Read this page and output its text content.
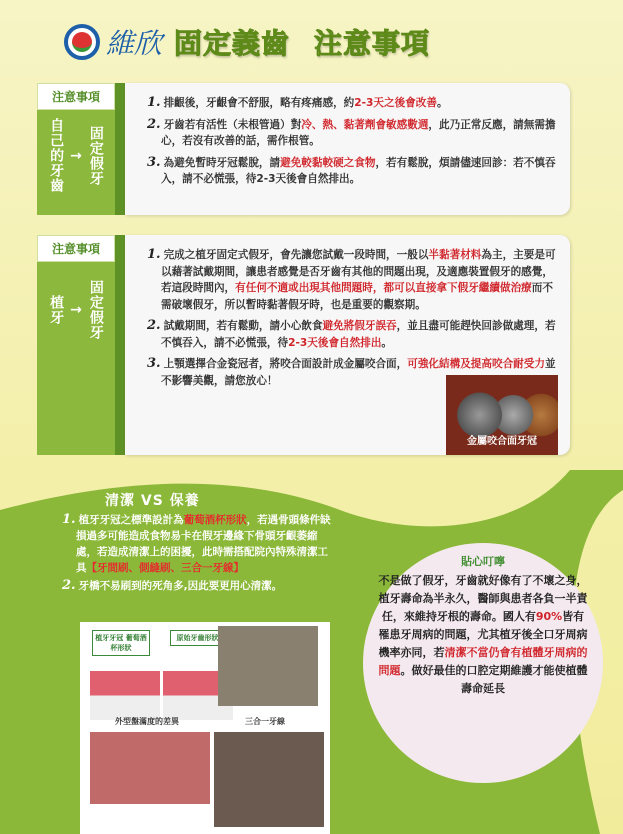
維欣 固定義齒 注意事項
注意事項
自己的牙齒 → 固定假牙
1. 排齦後，牙齦會不舒服，略有疼痛感，約2-3天之後會改善。
2. 牙齒若有活性（未根管過）對冷、熱、黏著劑會敏感數週，此乃正常反應，請無需擔心，若沒有改善的話，需作根管。
3. 為避免暫時牙冠鬆脫，請避免較黏較硬之食物，若有鬆脫，煩請儘速回診：若不慎吞入，請不必慌張，待2-3天後會自然排出。
注意事項
植牙 → 固定假牙
1. 完成之植牙固定式假牙，會先讓您試戴一段時間，一般以半黏著材料為主，主要是可以藉著試戴期間，讓患者感覺是否牙齒有其他的問題出現，及適應裝置假牙的感覺，若這段時間內，有任何不適或出現其他問題時，都可以直接拿下假牙繼續做治療而不需破壞假牙，所以暫時黏著假牙時，也是重要的觀察期。
2. 試戴期間，若有鬆動，請小心飲食避免將假牙誤吞，並且盡可能趕快回診做處理，若不慎吞入，請不必慌張，待2-3天後會自然排出。
3. 上顎選擇合金瓷冠者，將咬合面設計成金屬咬合面，可強化結構及提高咬合耐受力並不影響美觀，請您放心！
金屬咬合面牙冠
清潔 VS 保養
1. 植牙牙冠之標準設計為葡萄酒杯形狀，若遇骨頭條件缺損過多可能造成食物易卡在假牙邊緣下骨頭牙齦萎縮處，若造成清潔上的困擾，此時需搭配院內特殊清潔工具【牙間刷、側縫刷、三合一牙線】
2. 牙橋不易刷到的死角多,因此要更用心清潔。
植牙牙冠 葡萄酒杯形狀
原始牙齒形狀
外型盤滿度的差異	三合一牙線
貼心叮嚀
不是做了假牙，牙齒就好像有了不壞之身，植牙壽命為半永久，醫師與患者各負一半責任，來維持牙根的壽命。國人有90%皆有罹患牙周病的問題，尤其植牙後全口牙周病機率亦同，若清潔不當仍會有植體牙周病的問題。做好最佳的口腔定期維護才能使植體壽命延長
